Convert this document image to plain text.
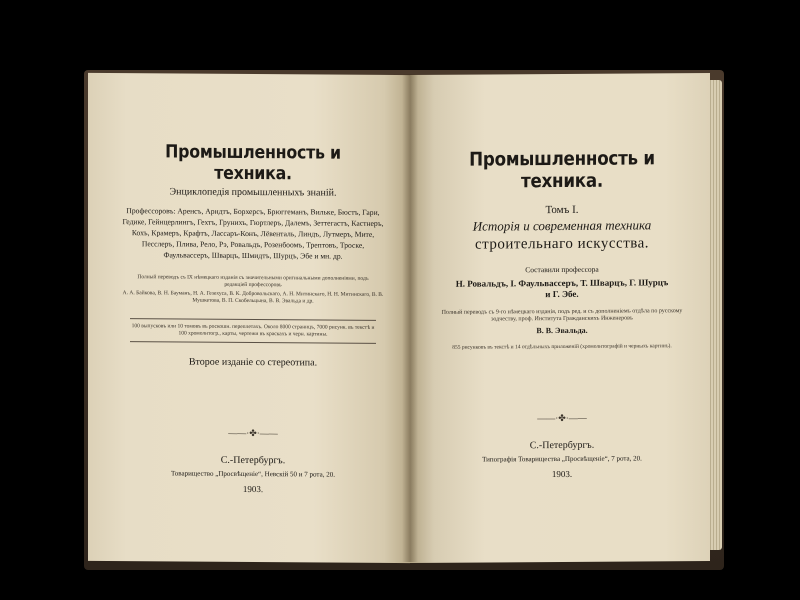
Промышленность и техника.
Энциклопедія промышленныхъ знаній.
Профессоровъ: Аренсъ, Арндтъ, Борхерсъ, Брюггеманъ, Вилькe, Бюстъ, Гари, Гедике, Гейнцерлингъ, Гехтъ, Грунихъ, Гюртлеръ, Далемъ, Зеттегастъ, Кастнеръ, Кохъ, Крамеръ, Крафтъ, Ласcаръ-Конъ, Лёвенталь, Линдъ, Лутмеръ, Мите, Пеcслеръ, Плива, Рело, Рэ, Ровальдъ, Розенбоомъ, Трептовъ, Троске, Фаульвассеръ, Шварцъ, Шмидтъ, Шурцъ, Эбе и мн. др.
Полный переводъ съ IX нѣмецкаго изданія съ значительными оригинальными дополненіями, подъ редакціей профессоровъ
А. А. Байкова, В. Н. Бауманъ, Н. А. Гезехуса, В. К. Добровольскаго, А. Н. Митинскаго, Н. Н. Митинскаго, В. В. Мушкетова, В. П. Скобельцына, В. В. Эвальда и др.
100 выпусковъ или 10 томовъ въ роскошн. переплетахъ. Около 8000 страницъ, 7000 рисунк. въ текстѣ и 100 хромолитогр., карты, чертежи въ краскахъ и черн. картины.
Второе изданіе со стереотипа.
——·✤·——
С.-Петербургъ.
Товарищество „Просвѣщеніе“, Невскій 50 и 7 рота, 20.
1903.
Промышленность и техника.
Томъ I.
Исторія и современная техника
строительнаго искусства.
Составили профессора
Н. Ровальдъ, I. Фаульвассеръ, Т. Шварцъ, Г. Шурцъ
и Г. Эбе.
Полный переводъ съ 9-го нѣмецкаго изданія, подъ ред. и съ дополненіемъ отдѣла по русскому зодчеству, проф. Института Гражданскихъ Инженеровъ
В. В. Эвальда.
855 рисунковъ въ текстѣ и 14 отдѣльныхъ приложеній (хромолитографій и черныхъ картинъ).
——·✤·——
С.-Петербургъ.
Типографія Товарищества „Просвѣщеніе“, 7 рота, 20.
1903.
